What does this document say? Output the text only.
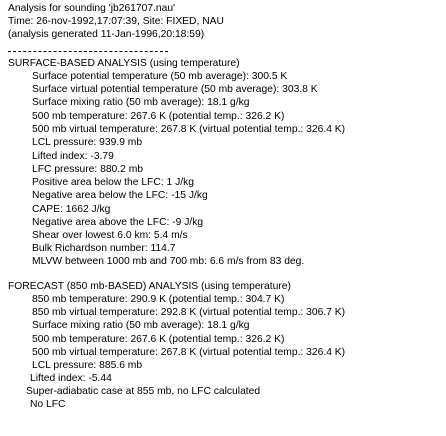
Analysis for sounding 'jb261707.nau'

Time: 26-nov-1992,17:07:39, Site: FIXED, NAU

(analysis generated 11-Jan-1996,20:18:59)

SURFACE-BASED ANALYSIS (using temperature)

Surface potential temperature (50 mb average): 300.5 K

Surface virtual potential temperature (50 mb average): 303.8 K

Surface mixing ratio (50 mb average): 18.1 g/kg

500 mb temperature: 267.6 K (potential temp.: 326.2 K)

500 mb virtual temperature: 267.8 K (virtual potential temp.: 326.4 K)

LCL pressure: 939.9 mb

Lifted index: -3.79

LFC pressure: 880.2 mb

Positive area below the LFC: 1 J/kg

Negative area below the LFC: -15 J/kg

CAPE: 1662 J/kg

Negative area above the LFC: -9 J/kg

Shear over lowest 6.0 km: 5.4 m/s

Bulk Richardson number: 114.7

MLVW between 1000 mb and 700 mb: 6.6 m/s from 83 deg.

FORECAST (850 mb-BASED) ANALYSIS (using temperature)

850 mb temperature: 290.9 K (potential temp.: 304.7 K)

850 mb virtual temperature: 292.8 K (virtual potential temp.: 306.7 K)

Surface mixing ratio (50 mb average): 18.1 g/kg

500 mb temperature: 267.6 K (potential temp.: 326.2 K)

500 mb virtual temperature: 267.8 K (virtual potential temp.: 326.4 K)

LCL pressure: 885.6 mb

Lifted index: -5.44

Super-adiabatic case at 855 mb, no LFC calculated

No LFC
